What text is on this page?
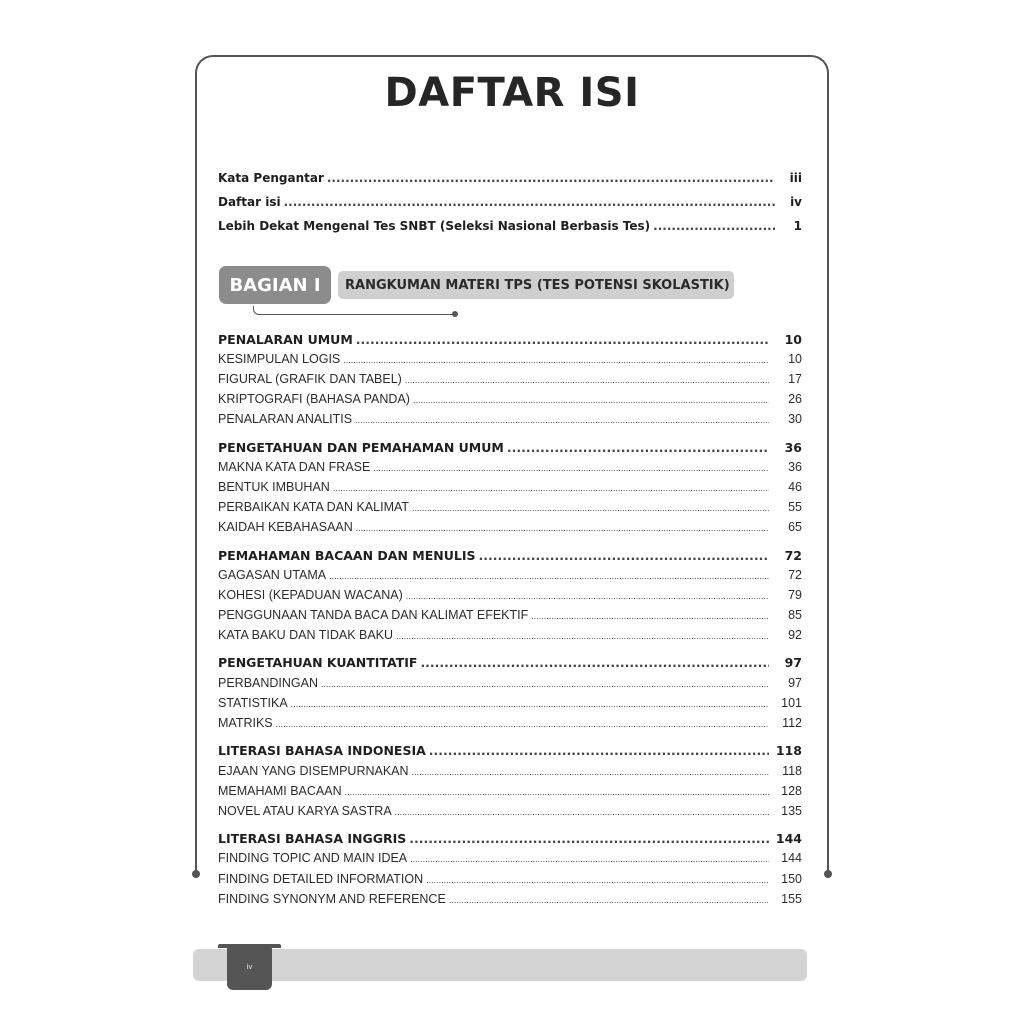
DAFTAR ISI
Kata Pengantar .....	iii
Daftar isi .....	iv
Lebih Dekat Mengenal Tes SNBT (Seleksi Nasional Berbasis Tes) .....	1
BAGIAN I	RANGKUMAN MATERI TPS (TES POTENSI SKOLASTIK)
PENALARAN UMUM .....	10
KESIMPULAN LOGIS .....	10
FIGURAL (GRAFIK DAN TABEL) .....	17
KRIPTOGRAFI (BAHASA PANDA) .....	26
PENALARAN ANALITIS .....	30
PENGETAHUAN DAN PEMAHAMAN UMUM .....	36
MAKNA KATA DAN FRASE .....	36
BENTUK IMBUHAN .....	46
PERBAIKAN KATA DAN KALIMAT .....	55
KAIDAH KEBAHASAAN .....	65
PEMAHAMAN BACAAN DAN MENULIS .....	72
GAGASAN UTAMA .....	72
KOHESI (KEPADUAN WACANA) .....	79
PENGGUNAAN TANDA BACA DAN KALIMAT EFEKTIF .....	85
KATA BAKU DAN TIDAK BAKU .....	92
PENGETAHUAN KUANTITATIF .....	97
PERBANDINGAN .....	97
STATISTIKA .....	101
MATRIKS .....	112
LITERASI BAHASA INDONESIA .....	118
EJAAN YANG DISEMPURNAKAN .....	118
MEMAHAMI BACAAN .....	128
NOVEL ATAU KARYA SASTRA .....	135
LITERASI BAHASA INGGRIS .....	144
FINDING TOPIC AND MAIN IDEA .....	144
FINDING DETAILED INFORMATION .....	150
FINDING SYNONYM AND REFERENCE .....	155
iv
